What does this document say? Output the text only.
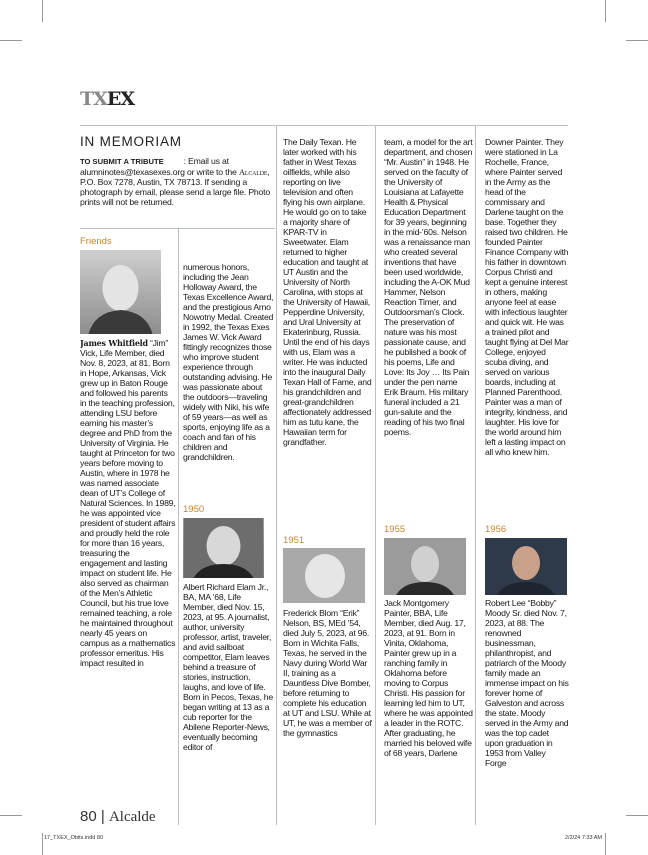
TXEX
IN MEMORIAM
TO SUBMIT A TRIBUTE : Email us at alumninotes@texasexes.org or write to the Alcalde, P.O. Box 7278, Austin, TX 78713. If sending a photograph by email, please send a large file. Photo prints will not be returned.
Friends

James Whitfield “Jim” Vick, Life Member, died Nov. 8, 2023, at 81. Born in Hope, Arkansas, Vick grew up in Baton Rouge and followed his parents in the teaching profession, attending LSU before earning his master’s degree and PhD from the University of Virginia. He taught at Princeton for two years before moving to Austin, where in 1978 he was named associate dean of UT’s College of Natural Sciences. In 1989, he was appointed vice president of student affairs and proudly held the role for more than 16 years, treasuring the engagement and lasting impact on student life. He also served as chairman of the Men’s Athletic Council, but his true love remained teaching, a role he maintained throughout nearly 45 years on campus as a mathematics professor emeritus. His impact resulted in

numerous honors, including the Jean Holloway Award, the Texas Excellence Award, and the prestigious Arno Nowotny Medal. Created in 1992, the Texas Exes James W. Vick Award fittingly recognizes those who improve student experience through outstanding advising. He was passionate about the outdoors—traveling widely with Niki, his wife of 59 years—as well as sports, enjoying life as a coach and fan of his children and grandchildren.

1950

Albert Richard Elam Jr., BA, MA ’68, Life Member, died Nov. 15, 2023, at 95. A journalist, author, university professor, artist, traveler, and avid sailboat competitor, Elam leaves behind a treasure of stories, instruction, laughs, and love of life. Born in Pecos, Texas, he began writing at 13 as a cub reporter for the Abilene Reporter-News, eventually becoming editor of

The Daily Texan. He later worked with his father in West Texas oilfields, while also reporting on live television and often flying his own airplane. He would go on to take a majority share of KPAR-TV in Sweetwater. Elam returned to higher education and taught at UT Austin and the University of North Carolina, with stops at the University of Hawaii, Pepperdine University, and Ural University at Ekaterinburg, Russia. Until the end of his days with us, Elam was a writer. He was inducted into the inaugural Daily Texan Hall of Fame, and his grandchildren and great-grandchildren affectionately addressed him as tutu kane, the Hawaiian term for grandfather.

1951

Frederick Blom “Erik” Nelson, BS, MEd ’54, died July 5, 2023, at 96. Born in Wichita Falls, Texas, he served in the Navy during World War II, training as a Dauntless Dive Bomber, before returning to complete his education at UT and LSU. While at UT, he was a member of the gymnastics

team, a model for the art department, and chosen “Mr. Austin” in 1948. He served on the faculty of the University of Louisiana at Lafayette Health & Physical Education Department for 39 years, beginning in the mid-’60s. Nelson was a renaissance man who created several inventions that have been used worldwide, including the A-OK Mud Hammer, Nelson Reaction Timer, and Outdoorsman’s Clock. The preservation of nature was his most passionate cause, and he published a book of his poems, Life and Love: Its Joy … Its Pain under the pen name Erik Braum. His military funeral included a 21 gun-salute and the reading of his two final poems.

1955

Jack Montgomery Painter, BBA, Life Member, died Aug. 17, 2023, at 91. Born in Vinita, Oklahoma, Painter grew up in a ranching family in Oklahoma before moving to Corpus Christi. His passion for learning led him to UT, where he was appointed a leader in the ROTC. After graduating, he married his beloved wife of 68 years, Darlene

Downer Painter. They were stationed in La Rochelle, France, where Painter served in the Army as the head of the commissary and Darlene taught on the base. Together they raised two children. He founded Painter Finance Company with his father in downtown Corpus Christi and kept a genuine interest in others, making anyone feel at ease with infectious laughter and quick wit. He was a trained pilot and taught flying at Del Mar College, enjoyed scuba diving, and served on various boards, including at Planned Parenthood. Painter was a man of integrity, kindness, and laughter. His love for the world around him left a lasting impact on all who knew him.

1956

Robert Lee “Bobby” Moody Sr. died Nov. 7, 2023, at 88. The renowned businessman, philanthropist, and patriarch of the Moody family made an immense impact on his forever home of Galveston and across the state. Moody served in the Army and was the top cadet upon graduation in 1953 from Valley Forge

80 | Alcalde
17_TXEX_Obits.indd 80	2/2/24 7:33 AM
